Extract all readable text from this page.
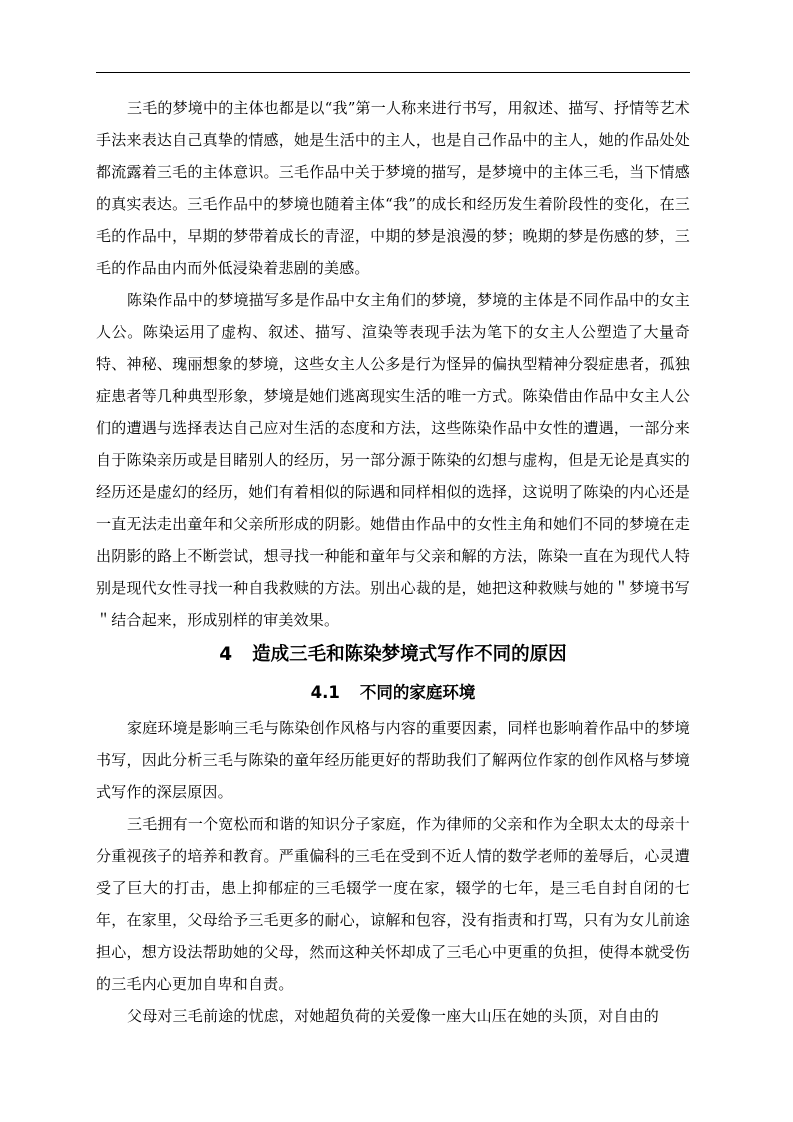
三毛的梦境中的主体也都是以“我”第一人称来进行书写，用叙述、描写、抒情等艺术手法来表达自己真挚的情感，她是生活中的主人，也是自己作品中的主人，她的作品处处都流露着三毛的主体意识。三毛作品中关于梦境的描写，是梦境中的主体三毛，当下情感的真实表达。三毛作品中的梦境也随着主体“我”的成长和经历发生着阶段性的变化，在三毛的作品中，早期的梦带着成长的青涩，中期的梦是浪漫的梦；晚期的梦是伤感的梦，三毛的作品由内而外低浸染着悲剧的美感。

陈染作品中的梦境描写多是作品中女主角们的梦境，梦境的主体是不同作品中的女主人公。陈染运用了虚构、叙述、描写、渲染等表现手法为笔下的女主人公塑造了大量奇特、神秘、瑰丽想象的梦境，这些女主人公多是行为怪异的偏执型精神分裂症患者，孤独症患者等几种典型形象，梦境是她们逃离现实生活的唯一方式。陈染借由作品中女主人公们的遭遇与选择表达自己应对生活的态度和方法，这些陈染作品中女性的遭遇，一部分来自于陈染亲历或是目睹别人的经历，另一部分源于陈染的幻想与虚构，但是无论是真实的经历还是虚幻的经历，她们有着相似的际遇和同样相似的选择，这说明了陈染的内心还是一直无法走出童年和父亲所形成的阴影。她借由作品中的女性主角和她们不同的梦境在走出阴影的路上不断尝试，想寻找一种能和童年与父亲和解的方法，陈染一直在为现代人特别是现代女性寻找一种自我救赎的方法。别出心裁的是，她把这种救赎与她的＂梦境书写＂结合起来，形成别样的审美效果。

4 造成三毛和陈染梦境式写作不同的原因
4.1 不同的家庭环境

家庭环境是影响三毛与陈染创作风格与内容的重要因素，同样也影响着作品中的梦境书写，因此分析三毛与陈染的童年经历能更好的帮助我们了解两位作家的创作风格与梦境式写作的深层原因。

三毛拥有一个宽松而和谐的知识分子家庭，作为律师的父亲和作为全职太太的母亲十分重视孩子的培养和教育。严重偏科的三毛在受到不近人情的数学老师的羞辱后，心灵遭受了巨大的打击，患上抑郁症的三毛辍学一度在家，辍学的七年，是三毛自封自闭的七年，在家里，父母给予三毛更多的耐心，谅解和包容，没有指责和打骂，只有为女儿前途担心，想方设法帮助她的父母，然而这种关怀却成了三毛心中更重的负担，使得本就受伤的三毛内心更加自卑和自责。

父母对三毛前途的忧虑，对她超负荷的关爱像一座大山压在她的头顶，对自由的
